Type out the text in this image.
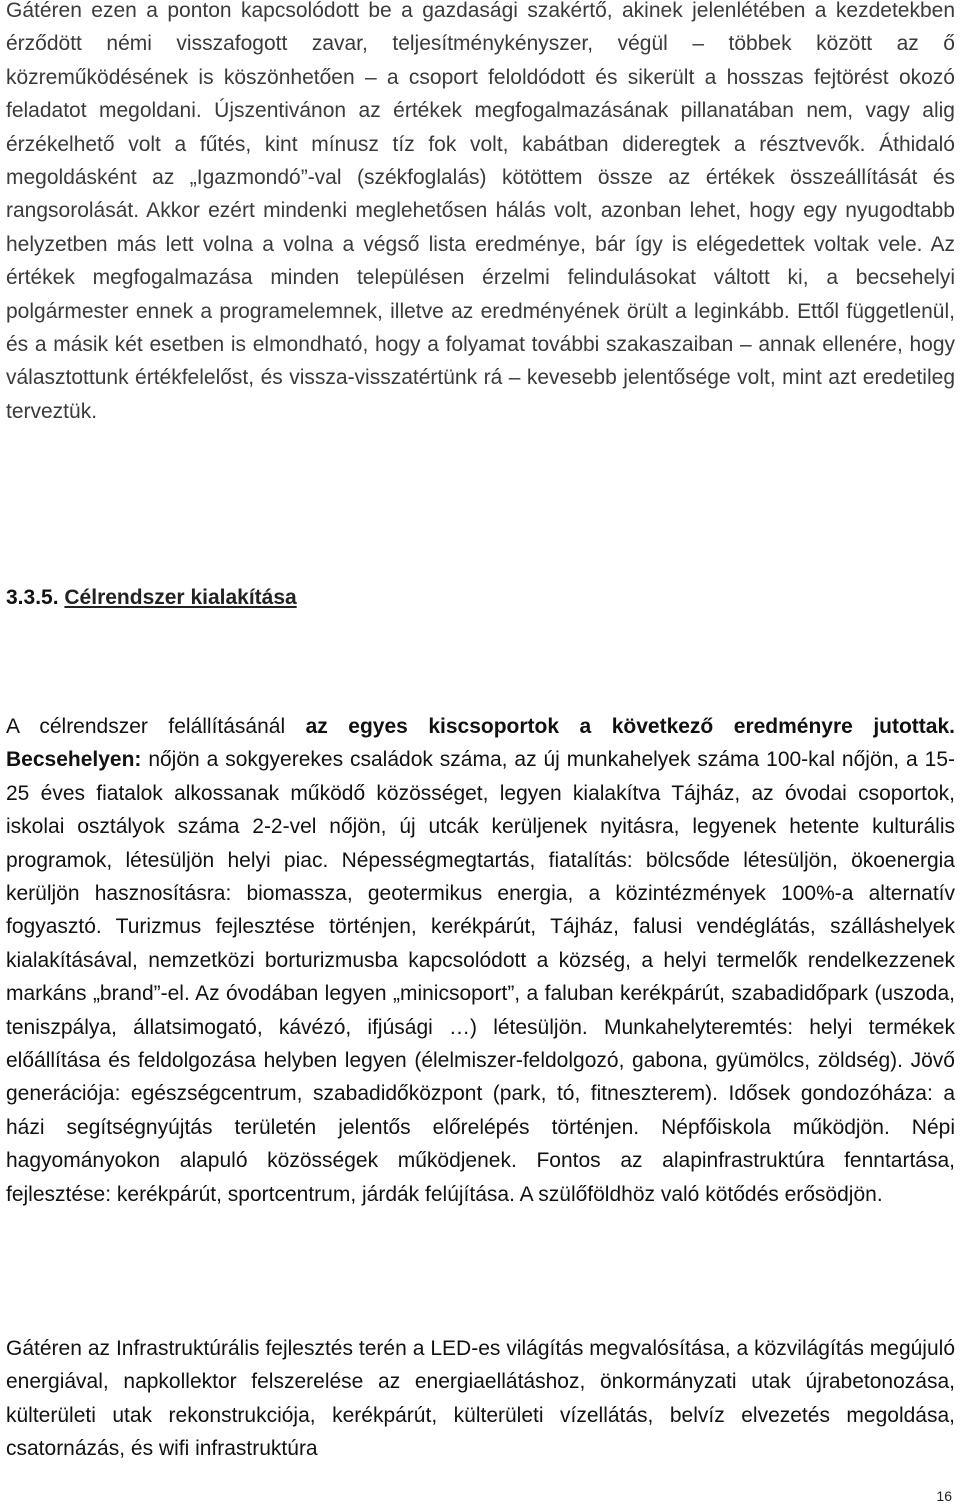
Gátéren ezen a ponton kapcsolódott be a gazdasági szakértő, akinek jelenlétében a kezdetekben érződött némi visszafogott zavar, teljesítménykényszer, végül – többek között az ő közreműködésének is köszönhetően – a csoport feloldódott és sikerült a hosszas fejtörést okozó feladatot megoldani. Újszentivánon az értékek megfogalmazásának pillanatában nem, vagy alig érzékelhető volt a fűtés, kint mínusz tíz fok volt, kabátban dideregtek a résztvevők. Áthidaló megoldásként az „Igazmondó”-val (székfoglalás) kötöttem össze az értékek összeállítását és rangsorolását. Akkor ezért mindenki meglehetősen hálás volt, azonban lehet, hogy egy nyugodtabb helyzetben más lett volna a volna a végső lista eredménye, bár így is elégedettek voltak vele. Az értékek megfogalmazása minden településen érzelmi felindulásokat váltott ki, a becsehelyi polgármester ennek a programelemnek, illetve az eredményének örült a leginkább. Ettől függetlenül, és a másik két esetben is elmondható, hogy a folyamat további szakaszaiban – annak ellenére, hogy választottunk értékfelelőst, és vissza-visszatértünk rá – kevesebb jelentősége volt, mint azt eredetileg terveztük.

3.3.5. Célrendszer kialakítása

A célrendszer felállításánál az egyes kiscsoportok a következő eredményre jutottak. Becsehelyen: nőjön a sokgyerekes családok száma, az új munkahelyek száma 100-kal nőjön, a 15-25 éves fiatalok alkossanak működő közösséget, legyen kialakítva Tájház, az óvodai csoportok, iskolai osztályok száma 2-2-vel nőjön, új utcák kerüljenek nyitásra, legyenek hetente kulturális programok, létesüljön helyi piac. Népességmegtartás, fiatalítás: bölcsőde létesüljön, ökoenergia kerüljön hasznosításra: biomassza, geotermikus energia, a közintézmények 100%-a alternatív fogyasztó. Turizmus fejlesztése történjen, kerékpárút, Tájház, falusi vendéglátás, szálláshelyek kialakításával, nemzetközi borturizmusba kapcsolódott a község, a helyi termelők rendelkezzenek markáns „brand”-el. Az óvodában legyen „minicsoport”, a faluban kerékpárút, szabadidőpark (uszoda, teniszpálya, állatsimogató, kávézó, ifjúsági …) létesüljön. Munkahelyteremtés: helyi termékek előállítása és feldolgozása helyben legyen (élelmiszer-feldolgozó, gabona, gyümölcs, zöldség). Jövő generációja: egészségcentrum, szabadidőközpont (park, tó, fitneszterem). Idősek gondozóháza: a házi segítségnyújtás területén jelentős előrelépés történjen. Népfőiskola működjön. Népi hagyományokon alapuló közösségek működjenek. Fontos az alapinfrastruktúra fenntartása, fejlesztése: kerékpárút, sportcentrum, járdák felújítása. A szülőföldhöz való kötődés erősödjön.

Gátéren az Infrastruktúrális fejlesztés terén a LED-es világítás megvalósítása, a közvilágítás megújuló energiával, napkollektor felszerelése az energiaellátáshoz, önkormányzati utak újrabetonozása, külterületi utak rekonstrukciója, kerékpárút, külterületi vízellátás, belvíz elvezetés megoldása, csatornázás, és wifi infrastruktúra

16
